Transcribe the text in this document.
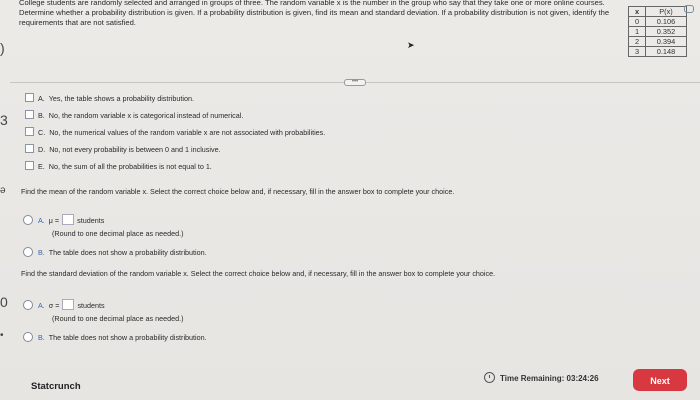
)
3
ə
0
•
College students are randomly selected and arranged in groups of three. The random variable x is the number in the group who say that they take one or more online courses. Determine whether a probability distribution is given. If a probability distribution is given, find its mean and standard deviation. If a probability distribution is not given, identify the requirements that are not satisfied.
x	P(x)
0	0.106
1	0.352
2	0.394
3	0.148
➤
•••
A. Yes, the table shows a probability distribution.
B. No, the random variable x is categorical instead of numerical.
C. No, the numerical values of the random variable x are not associated with probabilities.
D. No, not every probability is between 0 and 1 inclusive.
E. No, the sum of all the probabilities is not equal to 1.
Find the mean of the random variable x. Select the correct choice below and, if necessary, fill in the answer box to complete your choice.
A. μ =	students
(Round to one decimal place as needed.)
B. The table does not show a probability distribution.
Find the standard deviation of the random variable x. Select the correct choice below and, if necessary, fill in the answer box to complete your choice.
A. σ =	students
(Round to one decimal place as needed.)
B. The table does not show a probability distribution.
Statcrunch
Time Remaining: 03:24:26	Next
